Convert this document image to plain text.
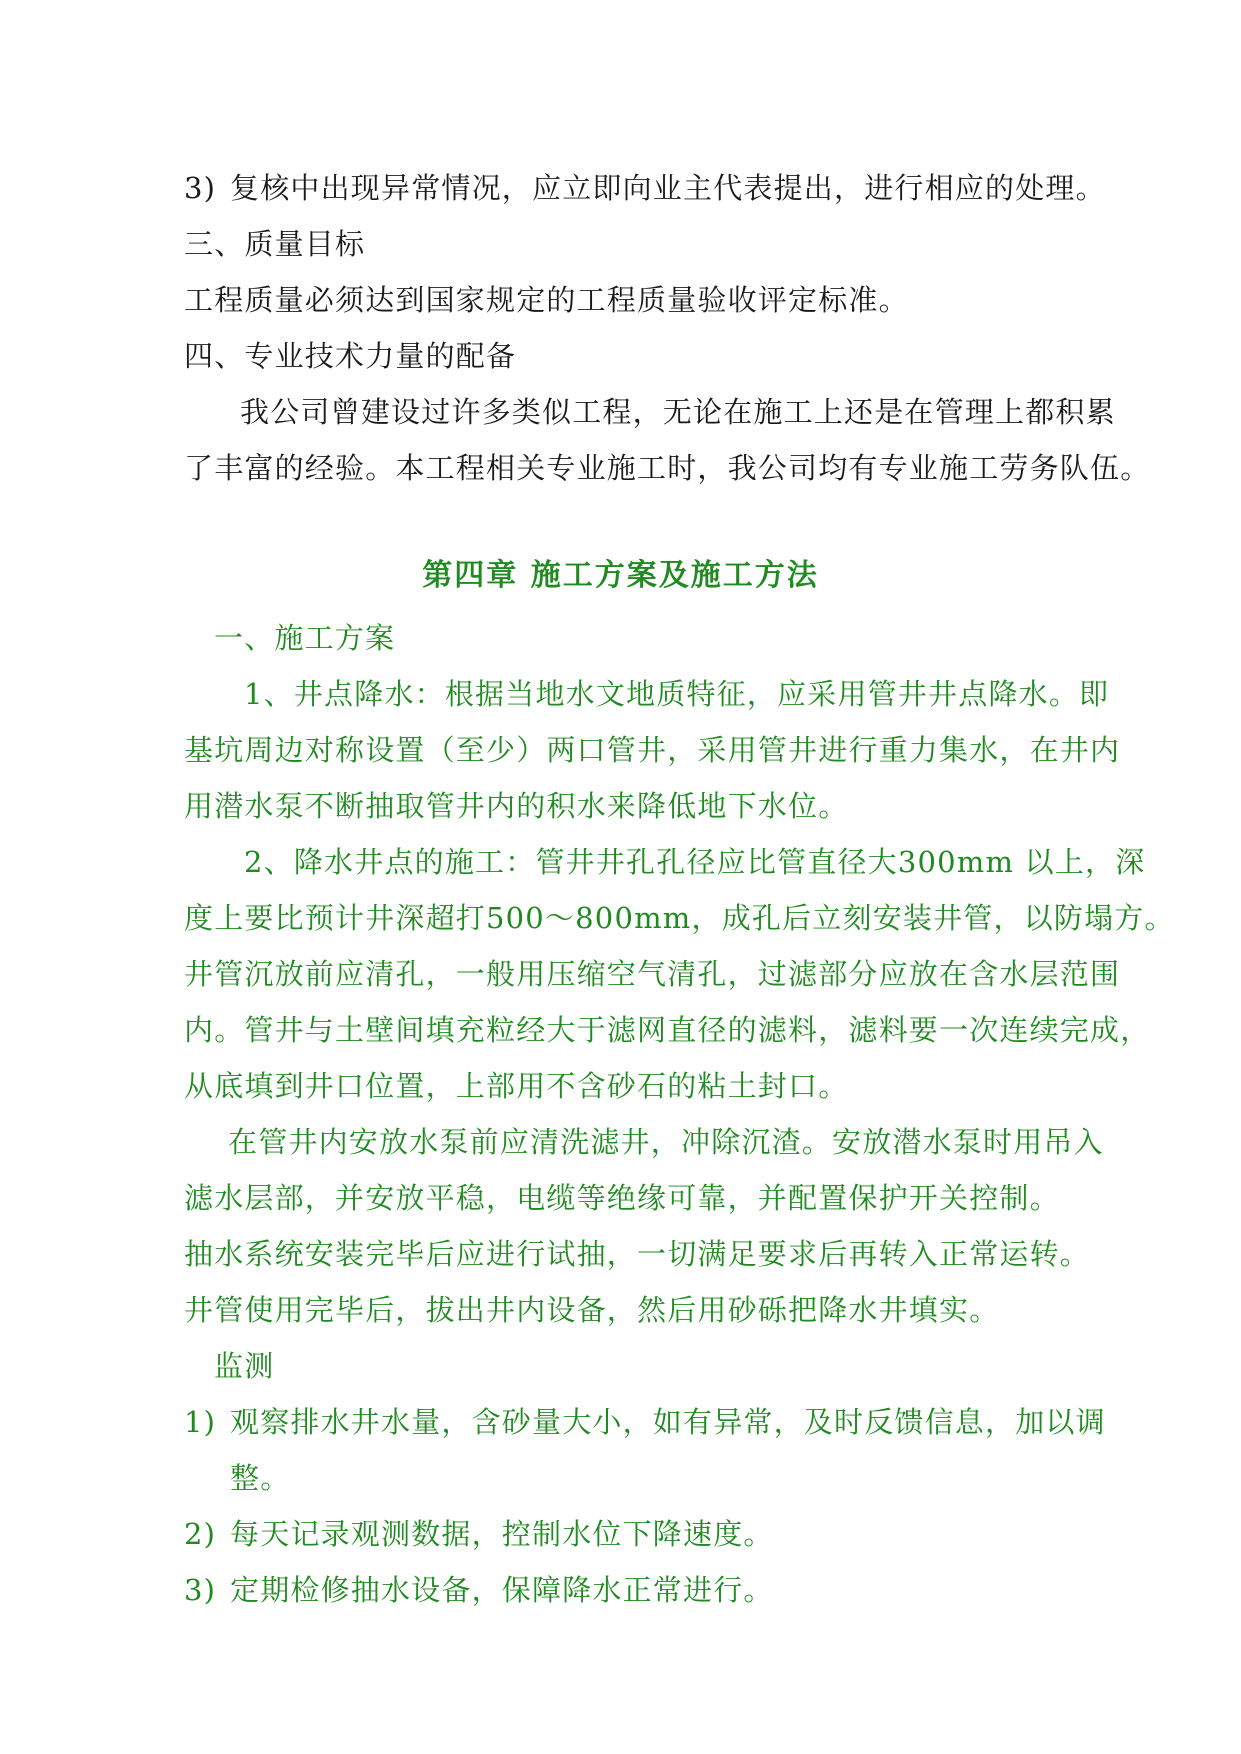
3) 复核中出现异常情况，应立即向业主代表提出，进行相应的处理。
三、质量目标
工程质量必须达到国家规定的工程质量验收评定标准。
四、专业技术力量的配备
我公司曾建设过许多类似工程，无论在施工上还是在管理上都积累
了丰富的经验。本工程相关专业施工时，我公司均有专业施工劳务队伍。
第四章 施工方案及施工方法
一、施工方案
1、井点降水：根据当地水文地质特征，应采用管井井点降水。即
基坑周边对称设置（至少）两口管井，采用管井进行重力集水，在井内
用潜水泵不断抽取管井内的积水来降低地下水位。
2、降水井点的施工：管井井孔孔径应比管直径大300mm 以上，深
度上要比预计井深超打500～800mm，成孔后立刻安装井管，以防塌方。
井管沉放前应清孔，一般用压缩空气清孔，过滤部分应放在含水层范围
内。管井与土壁间填充粒经大于滤网直径的滤料，滤料要一次连续完成，
从底填到井口位置，上部用不含砂石的粘土封口。
在管井内安放水泵前应清洗滤井，冲除沉渣。安放潜水泵时用吊入
滤水层部，并安放平稳，电缆等绝缘可靠，并配置保护开关控制。
抽水系统安装完毕后应进行试抽，一切满足要求后再转入正常运转。
井管使用完毕后，拔出井内设备，然后用砂砾把降水井填实。
监测
1) 观察排水井水量，含砂量大小，如有异常，及时反馈信息，加以调
整。
2) 每天记录观测数据，控制水位下降速度。
3) 定期检修抽水设备，保障降水正常进行。
